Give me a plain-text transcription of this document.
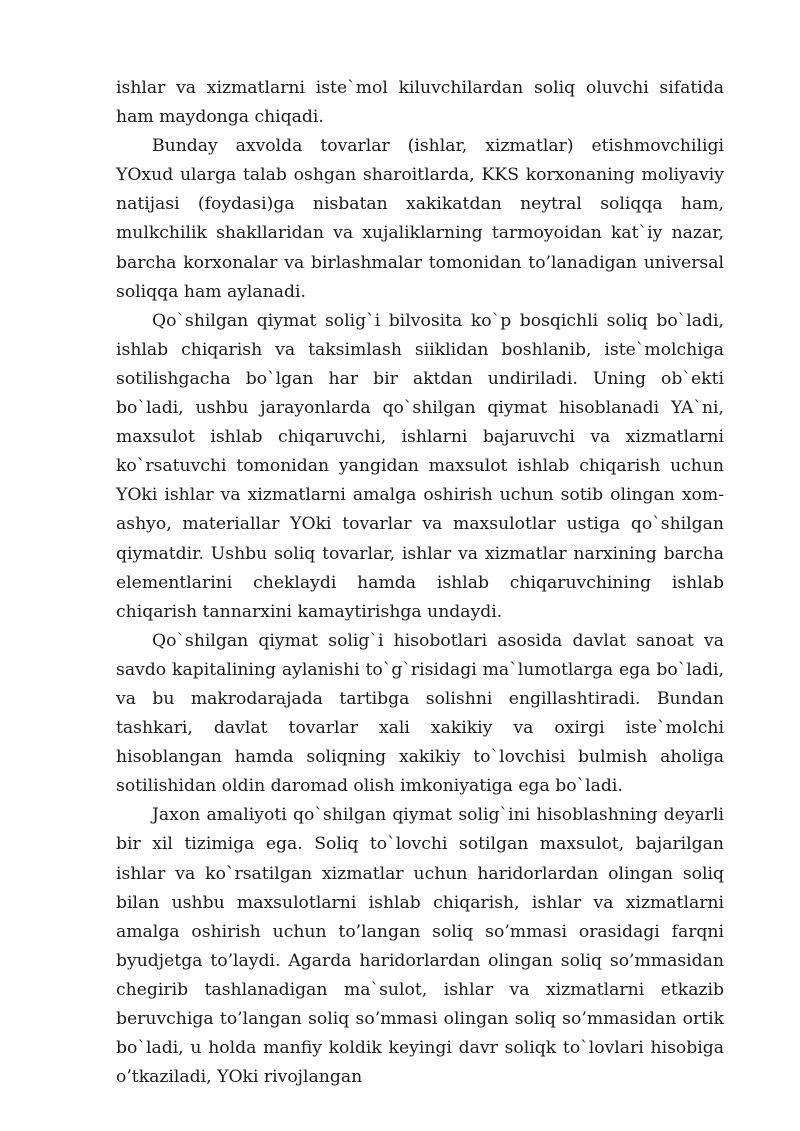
ishlar va xizmatlarni iste`mol kiluvchilardan soliq oluvchi sifatida ham maydonga chiqadi.

Bunday axvolda tovarlar (ishlar, xizmatlar) etishmovchiligi YOxud ularga talab oshgan sharoitlarda, KKS korxonaning moliyaviy natijasi (foydasi)ga nisbatan xakikatdan neytral soliqqa ham, mulkchilik shakllaridan va xujaliklarning tarmoyoidan kat`iy nazar, barcha korxonalar va birlashmalar tomonidan to’lanadigan universal soliqqa ham aylanadi.

Qo`shilgan qiymat solig`i bilvosita ko`p bosqichli soliq bo`ladi, ishlab chiqarish va taksimlash siiklidan boshlanib, iste`molchiga sotilishgacha bo`lgan har bir aktdan undiriladi. Uning ob`ekti bo`ladi, ushbu jarayonlarda qo`shilgan qiymat hisoblanadi YA`ni, maxsulot ishlab chiqaruvchi, ishlarni bajaruvchi va xizmatlarni ko`rsatuvchi tomonidan yangidan maxsulot ishlab chiqarish uchun YOki ishlar va xizmatlarni amalga oshirish uchun sotib olingan xom-ashyo, materiallar YOki tovarlar va maxsulotlar ustiga qo`shilgan qiymatdir. Ushbu soliq tovarlar, ishlar va xizmatlar narxining barcha elementlarini cheklaydi hamda ishlab chiqaruvchining ishlab chiqarish tannarxini kamaytirishga undaydi.

Qo`shilgan qiymat solig`i hisobotlari asosida davlat sanoat va savdo kapitalining aylanishi to`g`risidagi ma`lumotlarga ega bo`ladi, va bu makrodarajada tartibga solishni engillashtiradi. Bundan tashkari, davlat tovarlar xali xakikiy va oxirgi iste`molchi hisoblangan hamda soliqning xakikiy to`lovchisi bulmish aholiga sotilishidan oldin daromad olish imkoniyatiga ega bo`ladi.

Jaxon amaliyoti qo`shilgan qiymat solig`ini hisoblashning deyarli bir xil tizimiga ega. Soliq to`lovchi sotilgan maxsulot, bajarilgan ishlar va ko`rsatilgan xizmatlar uchun haridorlardan olingan soliq bilan ushbu maxsulotlarni ishlab chiqarish, ishlar va xizmatlarni amalga oshirish uchun to’langan soliq so’mmasi orasidagi farqni byudjetga to’laydi. Agarda haridorlardan olingan soliq so’mmasidan chegirib tashlanadigan ma`sulot, ishlar va xizmatlarni etkazib beruvchiga to’langan soliq so’mmasi olingan soliq so’mmasidan ortik bo`ladi, u holda manfiy koldik keyingi davr soliqk to`lovlari hisobiga o’tkaziladi, YOki rivojlangan
